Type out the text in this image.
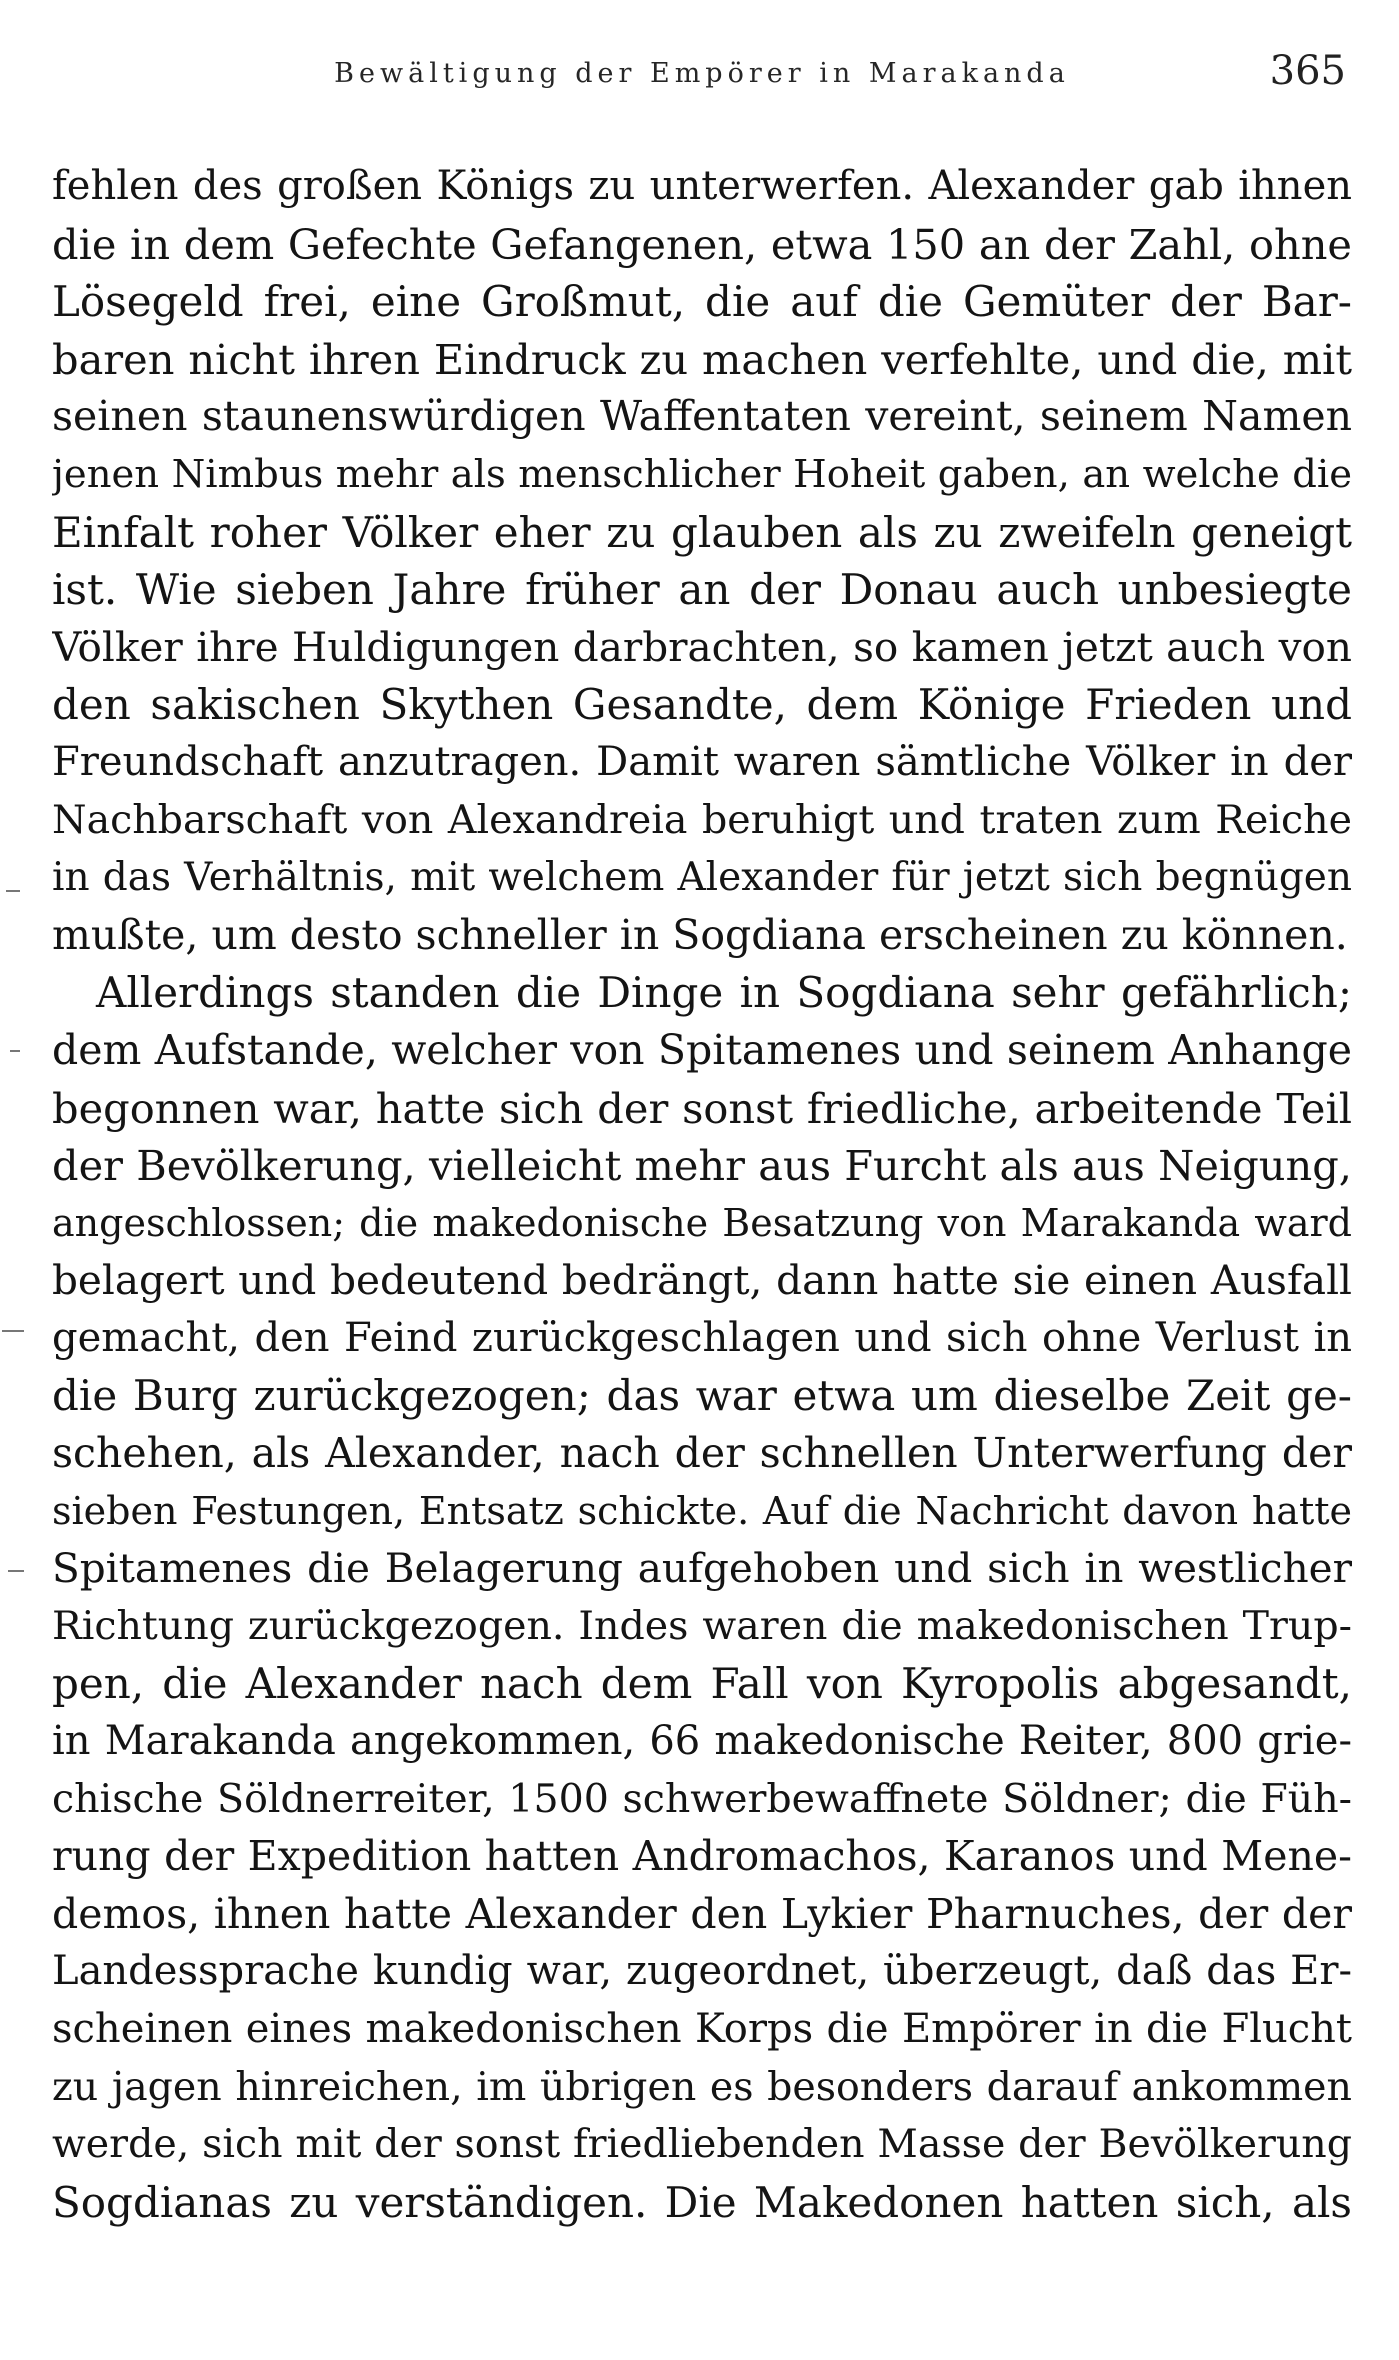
Bewältigung der Empörer in Marakanda	365
fehlen des großen Königs zu unterwerfen. Alexander gab ihnen
die in dem Gefechte Gefangenen, etwa 150 an der Zahl, ohne
Lösegeld frei, eine Großmut, die auf die Gemüter der Bar-
baren nicht ihren Eindruck zu machen verfehlte, und die, mit
seinen staunenswürdigen Waffentaten vereint, seinem Namen
jenen Nimbus mehr als menschlicher Hoheit gaben, an welche die
Einfalt roher Völker eher zu glauben als zu zweifeln geneigt
ist. Wie sieben Jahre früher an der Donau auch unbesiegte
Völker ihre Huldigungen darbrachten, so kamen jetzt auch von
den sakischen Skythen Gesandte, dem Könige Frieden und
Freundschaft anzutragen. Damit waren sämtliche Völker in der
Nachbarschaft von Alexandreia beruhigt und traten zum Reiche
in das Verhältnis, mit welchem Alexander für jetzt sich begnügen
mußte, um desto schneller in Sogdiana erscheinen zu können.
Allerdings standen die Dinge in Sogdiana sehr gefährlich;
dem Aufstande, welcher von Spitamenes und seinem Anhange
begonnen war, hatte sich der sonst friedliche, arbeitende Teil
der Bevölkerung, vielleicht mehr aus Furcht als aus Neigung,
angeschlossen; die makedonische Besatzung von Marakanda ward
belagert und bedeutend bedrängt, dann hatte sie einen Ausfall
gemacht, den Feind zurückgeschlagen und sich ohne Verlust in
die Burg zurückgezogen; das war etwa um dieselbe Zeit ge-
schehen, als Alexander, nach der schnellen Unterwerfung der
sieben Festungen, Entsatz schickte. Auf die Nachricht davon hatte
Spitamenes die Belagerung aufgehoben und sich in westlicher
Richtung zurückgezogen. Indes waren die makedonischen Trup-
pen, die Alexander nach dem Fall von Kyropolis abgesandt,
in Marakanda angekommen, 66 makedonische Reiter, 800 grie-
chische Söldnerreiter, 1500 schwerbewaffnete Söldner; die Füh-
rung der Expedition hatten Andromachos, Karanos und Mene-
demos, ihnen hatte Alexander den Lykier Pharnuches, der der
Landessprache kundig war, zugeordnet, überzeugt, daß das Er-
scheinen eines makedonischen Korps die Empörer in die Flucht
zu jagen hinreichen, im übrigen es besonders darauf ankommen
werde, sich mit der sonst friedliebenden Masse der Bevölkerung
Sogdianas zu verständigen. Die Makedonen hatten sich, als
